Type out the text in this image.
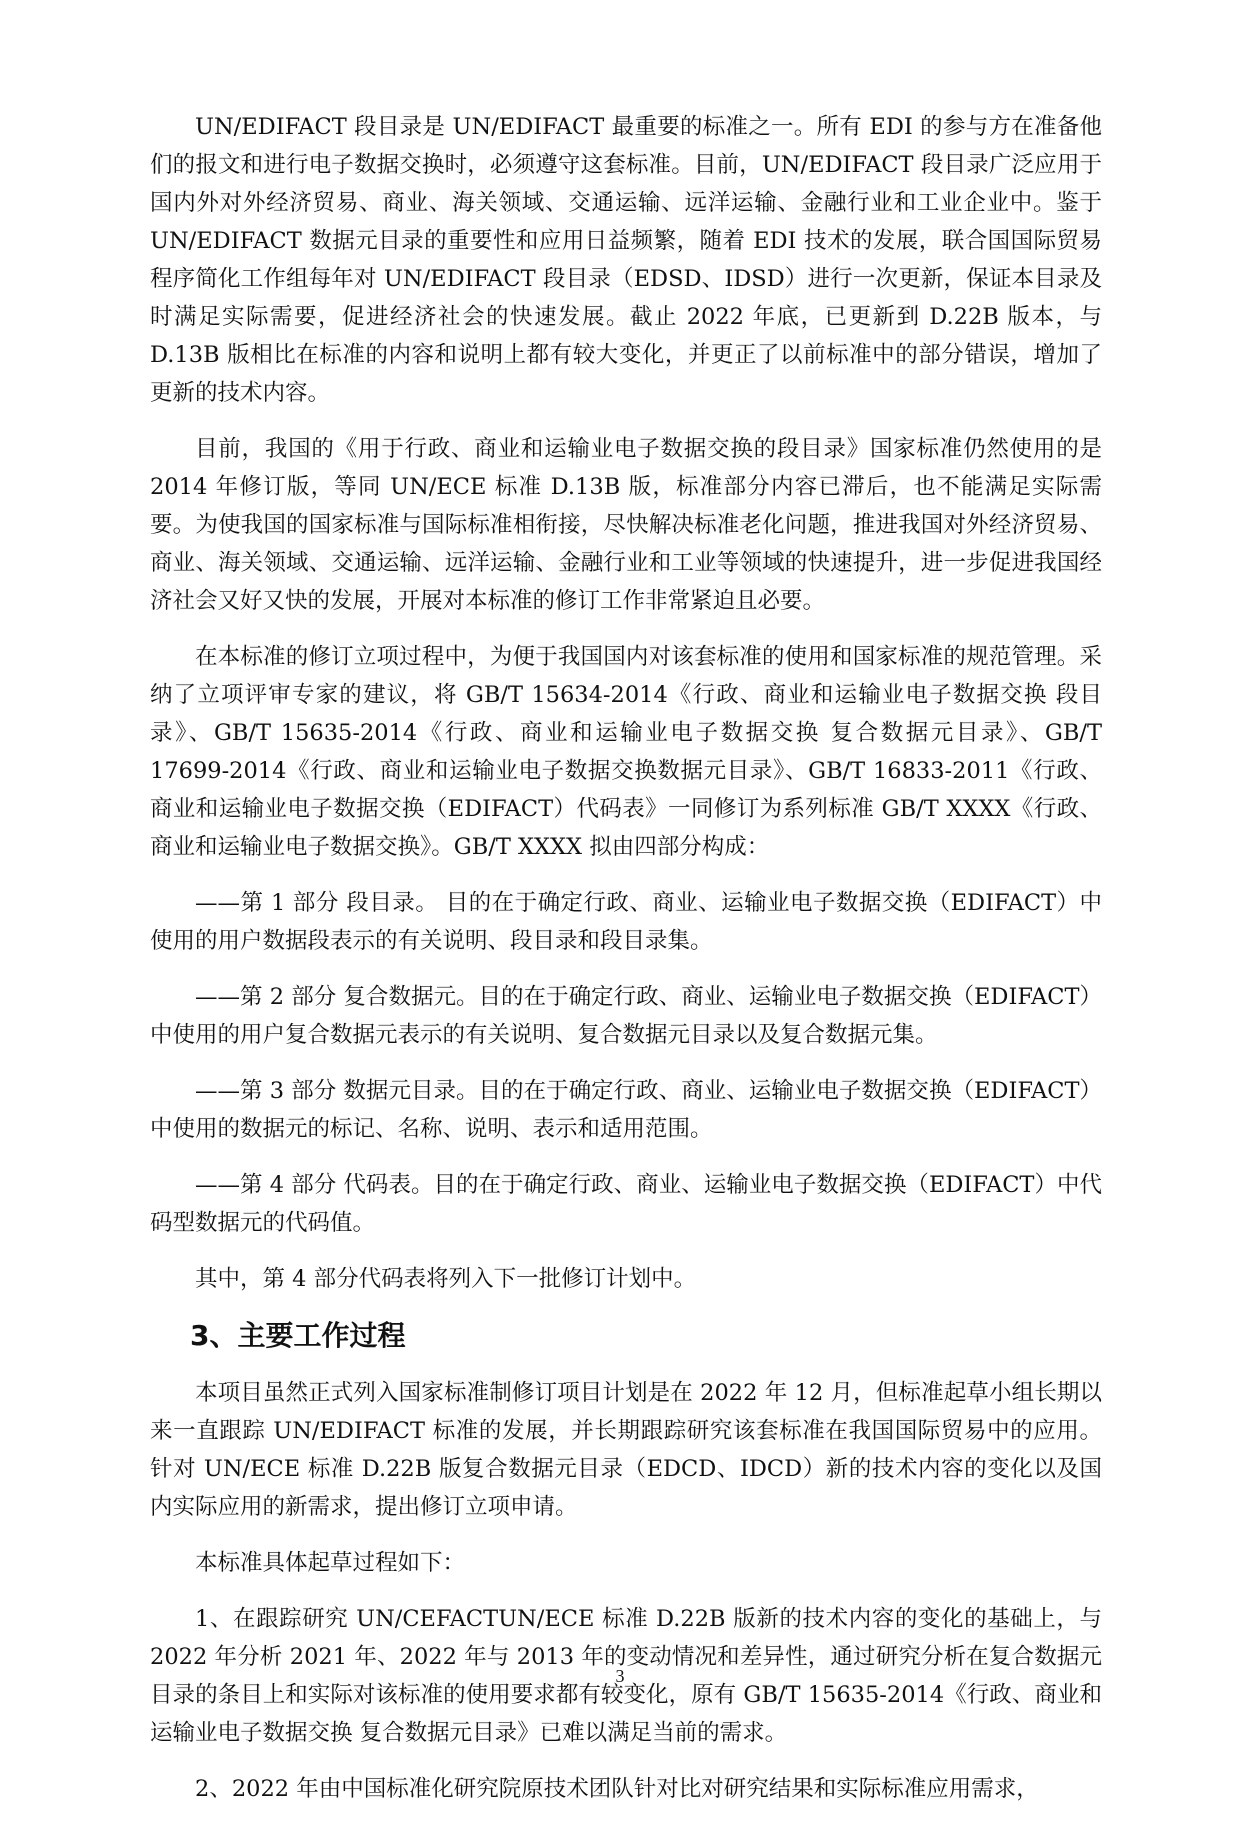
UN/EDIFACT 段目录是 UN/EDIFACT 最重要的标准之一。所有 EDI 的参与方在准备他们的报文和进行电子数据交换时，必须遵守这套标准。目前，UN/EDIFACT 段目录广泛应用于国内外对外经济贸易、商业、海关领域、交通运输、远洋运输、金融行业和工业企业中。鉴于 UN/EDIFACT 数据元目录的重要性和应用日益频繁，随着 EDI 技术的发展，联合国国际贸易程序简化工作组每年对 UN/EDIFACT 段目录（EDSD、IDSD）进行一次更新，保证本目录及时满足实际需要，促进经济社会的快速发展。截止 2022 年底，已更新到 D.22B 版本，与 D.13B 版相比在标准的内容和说明上都有较大变化，并更正了以前标准中的部分错误，增加了更新的技术内容。

目前，我国的《用于行政、商业和运输业电子数据交换的段目录》国家标准仍然使用的是 2014 年修订版，等同 UN/ECE 标准 D.13B 版，标准部分内容已滞后，也不能满足实际需要。为使我国的国家标准与国际标准相衔接，尽快解决标准老化问题，推进我国对外经济贸易、商业、海关领域、交通运输、远洋运输、金融行业和工业等领域的快速提升，进一步促进我国经济社会又好又快的发展，开展对本标准的修订工作非常紧迫且必要。

在本标准的修订立项过程中，为便于我国国内对该套标准的使用和国家标准的规范管理。采纳了立项评审专家的建议，将 GB/T 15634-2014《行政、商业和运输业电子数据交换 段目录》、GB/T 15635-2014《行政、商业和运输业电子数据交换 复合数据元目录》、GB/T 17699-2014《行政、商业和运输业电子数据交换数据元目录》、GB/T 16833-2011《行政、商业和运输业电子数据交换（EDIFACT）代码表》一同修订为系列标准 GB/T XXXX《行政、商业和运输业电子数据交换》。GB/T XXXX 拟由四部分构成：

——第 1 部分 段目录。 目的在于确定行政、商业、运输业电子数据交换（EDIFACT）中使用的用户数据段表示的有关说明、段目录和段目录集。

——第 2 部分 复合数据元。目的在于确定行政、商业、运输业电子数据交换（EDIFACT）中使用的用户复合数据元表示的有关说明、复合数据元目录以及复合数据元集。

——第 3 部分 数据元目录。目的在于确定行政、商业、运输业电子数据交换（EDIFACT）中使用的数据元的标记、名称、说明、表示和适用范围。

——第 4 部分 代码表。目的在于确定行政、商业、运输业电子数据交换（EDIFACT）中代码型数据元的代码值。

其中，第 4 部分代码表将列入下一批修订计划中。

3、主要工作过程

本项目虽然正式列入国家标准制修订项目计划是在 2022 年 12 月，但标准起草小组长期以来一直跟踪 UN/EDIFACT 标准的发展，并长期跟踪研究该套标准在我国国际贸易中的应用。针对 UN/ECE 标准 D.22B 版复合数据元目录（EDCD、IDCD）新的技术内容的变化以及国内实际应用的新需求，提出修订立项申请。

本标准具体起草过程如下：

1、在跟踪研究 UN/CEFACTUN/ECE 标准 D.22B 版新的技术内容的变化的基础上，与 2022 年分析 2021 年、2022 年与 2013 年的变动情况和差异性，通过研究分析在复合数据元目录的条目上和实际对该标准的使用要求都有较变化，原有 GB/T 15635-2014《行政、商业和运输业电子数据交换 复合数据元目录》已难以满足当前的需求。

2、2022 年由中国标准化研究院原技术团队针对比对研究结果和实际标准应用需求，

3
